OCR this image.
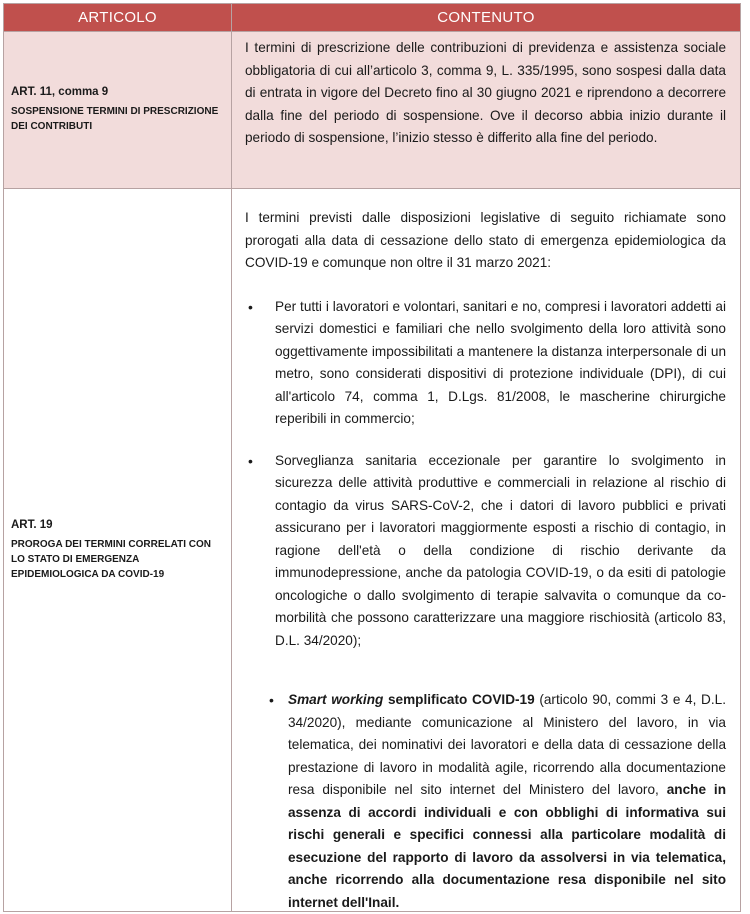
ARTICOLO	CONTENUTO
ART. 11, comma 9
SOSPENSIONE TERMINI DI PRESCRIZIONE DEI CONTRIBUTI

I termini di prescrizione delle contribuzioni di previdenza e assistenza sociale obbligatoria di cui all’articolo 3, comma 9, L. 335/1995, sono sospesi dalla data di entrata in vigore del Decreto fino al 30 giugno 2021 e riprendono a decorrere dalla fine del periodo di sospensione. Ove il decorso abbia inizio durante il periodo di sospensione, l’inizio stesso è differito alla fine del periodo.

ART. 19
PROROGA DEI TERMINI CORRELATI CON LO STATO DI EMERGENZA EPIDEMIOLOGICA DA COVID-19

I termini previsti dalle disposizioni legislative di seguito richiamate sono prorogati alla data di cessazione dello stato di emergenza epidemiologica da COVID-19 e comunque non oltre il 31 marzo 2021:

• Per tutti i lavoratori e volontari, sanitari e no, compresi i lavoratori addetti ai servizi domestici e familiari che nello svolgimento della loro attività sono oggettivamente impossibilitati a mantenere la distanza interpersonale di un metro, sono considerati dispositivi di protezione individuale (DPI), di cui all'articolo 74, comma 1, D.Lgs. 81/2008, le mascherine chirurgiche reperibili in commercio;
• Sorveglianza sanitaria eccezionale per garantire lo svolgimento in sicurezza delle attività produttive e commerciali in relazione al rischio di contagio da virus SARS-CoV-2, che i datori di lavoro pubblici e privati assicurano per i lavoratori maggiormente esposti a rischio di contagio, in ragione dell'età o della condizione di rischio derivante da immunodepressione, anche da patologia COVID-19, o da esiti di patologie oncologiche o dallo svolgimento di terapie salvavita o comunque da co-morbilità che possono caratterizzare una maggiore rischiosità (articolo 83, D.L. 34/2020);
• Smart working semplificato COVID-19 (articolo 90, commi 3 e 4, D.L. 34/2020), mediante comunicazione al Ministero del lavoro, in via telematica, dei nominativi dei lavoratori e della data di cessazione della prestazione di lavoro in modalità agile, ricorrendo alla documentazione resa disponibile nel sito internet del Ministero del lavoro, anche in assenza di accordi individuali e con obblighi di informativa sui rischi generali e specifici connessi alla particolare modalità di esecuzione del rapporto di lavoro da assolversi in via telematica, anche ricorrendo alla documentazione resa disponibile nel sito internet dell'Inail.
